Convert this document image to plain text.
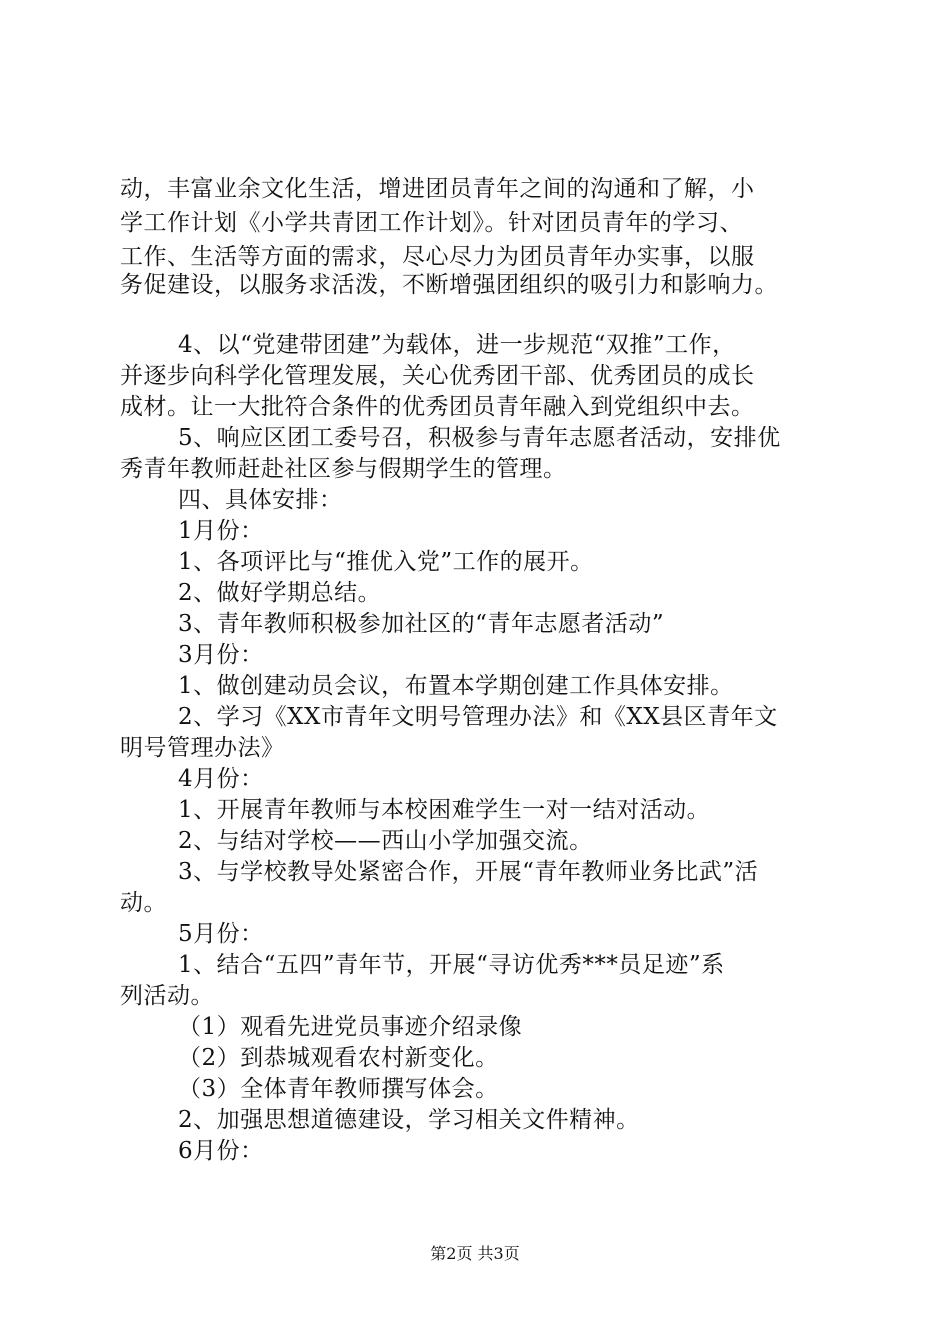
动，丰富业余文化生活，增进团员青年之间的沟通和了解，小
学工作计划《小学共青团工作计划》。针对团员青年的学习、
工作、生活等方面的需求，尽心尽力为团员青年办实事，以服
务促建设，以服务求活泼，不断增强团组织的吸引力和影响力。
4、以“党建带团建”为载体，进一步规范“双推”工作，
并逐步向科学化管理发展，关心优秀团干部、优秀团员的成长
成材。让一大批符合条件的优秀团员青年融入到党组织中去。
5、响应区团工委号召，积极参与青年志愿者活动，安排优
秀青年教师赶赴社区参与假期学生的管理。
四、具体安排：
1月份：
1、各项评比与“推优入党”工作的展开。
2、做好学期总结。
3、青年教师积极参加社区的“青年志愿者活动”
3月份：
1、做创建动员会议，布置本学期创建工作具体安排。
2、学习《XX市青年文明号管理办法》和《XX县区青年文
明号管理办法》
4月份：
1、开展青年教师与本校困难学生一对一结对活动。
2、与结对学校——西山小学加强交流。
3、与学校教导处紧密合作，开展“青年教师业务比武”活
动。
5月份：
1、结合“五四”青年节，开展“寻访优秀***员足迹”系
列活动。
（1）观看先进党员事迹介绍录像
（2）到恭城观看农村新变化。
（3）全体青年教师撰写体会。
2、加强思想道德建设，学习相关文件精神。
6月份：
第2页 共3页
